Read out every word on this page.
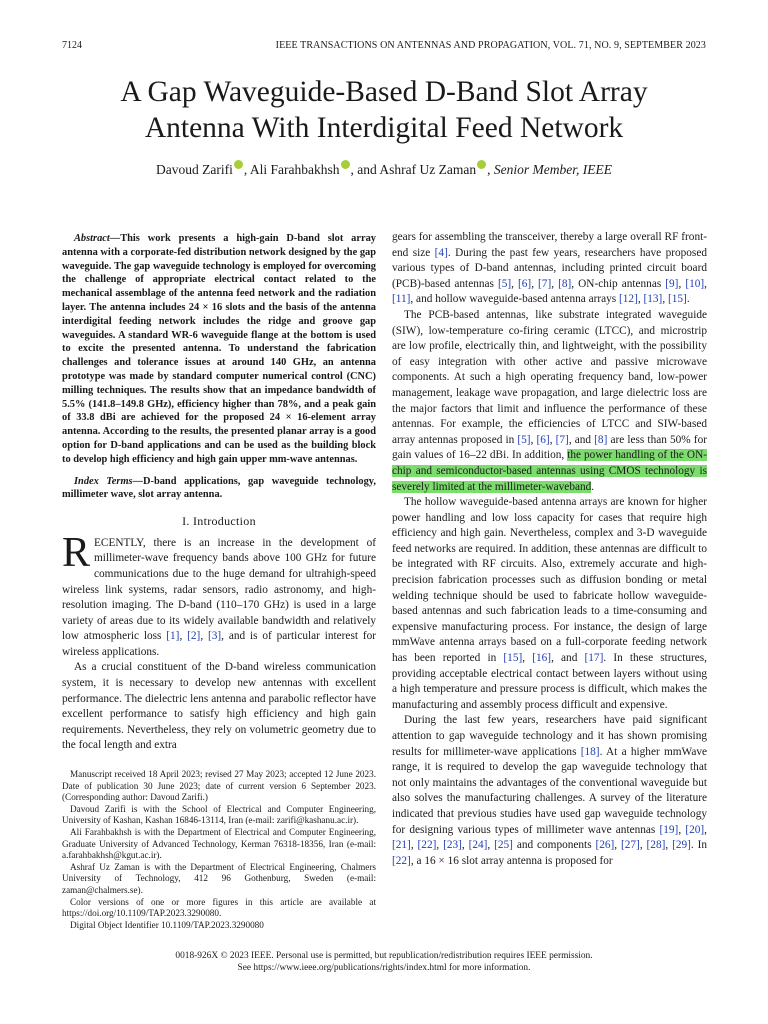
7124	IEEE TRANSACTIONS ON ANTENNAS AND PROPAGATION, VOL. 71, NO. 9, SEPTEMBER 2023
A Gap Waveguide-Based D-Band Slot Array
Antenna With Interdigital Feed Network
Davoud Zarifi , Ali Farahbakhsh , and Ashraf Uz Zaman , Senior Member, IEEE

Abstract—This work presents a high-gain D-band slot array antenna with a corporate-fed distribution network designed by the gap waveguide. The gap waveguide technology is employed for overcoming the challenge of appropriate electrical contact related to the mechanical assemblage of the antenna feed network and the radiation layer. The antenna includes 24 × 16 slots and the basis of the antenna interdigital feeding network includes the ridge and groove gap waveguides. A standard WR-6 waveguide flange at the bottom is used to excite the presented antenna. To understand the fabrication challenges and tolerance issues at around 140 GHz, an antenna prototype was made by standard computer numerical control (CNC) milling techniques. The results show that an impedance bandwidth of 5.5% (141.8–149.8 GHz), efficiency higher than 78%, and a peak gain of 33.8 dBi are achieved for the proposed 24 × 16-element array antenna. According to the results, the presented planar array is a good option for D-band applications and can be used as the building block to develop high efficiency and high gain upper mm-wave antennas.

Index Terms—D-band applications, gap waveguide technology, millimeter wave, slot array antenna.

I. Introduction

RECENTLY, there is an increase in the development of millimeter-wave frequency bands above 100 GHz for future communications due to the huge demand for ultrahigh-speed wireless link systems, radar sensors, radio astronomy, and high-resolution imaging. The D-band (110–170 GHz) is used in a large variety of areas due to its widely available bandwidth and relatively low atmospheric loss [1], [2], [3], and is of particular interest for wireless applications.

As a crucial constituent of the D-band wireless communication system, it is necessary to develop new antennas with excellent performance. The dielectric lens antenna and parabolic reflector have excellent performance to satisfy high efficiency and high gain requirements. Nevertheless, they rely on volumetric geometry due to the focal length and extra

Manuscript received 18 April 2023; revised 27 May 2023; accepted 12 June 2023. Date of publication 30 June 2023; date of current version 6 September 2023. (Corresponding author: Davoud Zarifi.)

Davoud Zarifi is with the School of Electrical and Computer Engineering, University of Kashan, Kashan 16846-13114, Iran (e-mail: zarifi@kashanu.ac.ir).

Ali Farahbakhsh is with the Department of Electrical and Computer Engineering, Graduate University of Advanced Technology, Kerman 76318-18356, Iran (e-mail: a.farahbakhsh@kgut.ac.ir).

Ashraf Uz Zaman is with the Department of Electrical Engineering, Chalmers University of Technology, 412 96 Gothenburg, Sweden (e-mail: zaman@chalmers.se).

Color versions of one or more figures in this article are available at https://doi.org/10.1109/TAP.2023.3290080.

Digital Object Identifier 10.1109/TAP.2023.3290080

gears for assembling the transceiver, thereby a large overall RF front-end size [4]. During the past few years, researchers have proposed various types of D-band antennas, including printed circuit board (PCB)-based antennas [5], [6], [7], [8], ON-chip antennas [9], [10], [11], and hollow waveguide-based antenna arrays [12], [13], [15].

The PCB-based antennas, like substrate integrated waveguide (SIW), low-temperature co-firing ceramic (LTCC), and microstrip are low profile, electrically thin, and lightweight, with the possibility of easy integration with other active and passive microwave components. At such a high operating frequency band, low-power management, leakage wave propagation, and large dielectric loss are the major factors that limit and influence the performance of these antennas. For example, the efficiencies of LTCC and SIW-based array antennas proposed in [5], [6], [7], and [8] are less than 50% for gain values of 16–22 dBi. In addition, the power handling of the ON-chip and semiconductor-based antennas using CMOS technology is severely limited at the millimeter-waveband.

The hollow waveguide-based antenna arrays are known for higher power handling and low loss capacity for cases that require high efficiency and high gain. Nevertheless, complex and 3-D waveguide feed networks are required. In addition, these antennas are difficult to be integrated with RF circuits. Also, extremely accurate and high-precision fabrication processes such as diffusion bonding or metal welding technique should be used to fabricate hollow waveguide-based antennas and such fabrication leads to a time-consuming and expensive manufacturing process. For instance, the design of large mmWave antenna arrays based on a full-corporate feeding network has been reported in [15], [16], and [17]. In these structures, providing acceptable electrical contact between layers without using a high temperature and pressure process is difficult, which makes the manufacturing and assembly process difficult and expensive.

During the last few years, researchers have paid significant attention to gap waveguide technology and it has shown promising results for millimeter-wave applications [18]. At a higher mmWave range, it is required to develop the gap waveguide technology that not only maintains the advantages of the conventional waveguide but also solves the manufacturing challenges. A survey of the literature indicated that previous studies have used gap waveguide technology for designing various types of millimeter wave antennas [19], [20], [21], [22], [23], [24], [25] and components [26], [27], [28], [29]. In [22], a 16 × 16 slot array antenna is proposed for

0018-926X © 2023 IEEE. Personal use is permitted, but republication/redistribution requires IEEE permission.
See https://www.ieee.org/publications/rights/index.html for more information.
